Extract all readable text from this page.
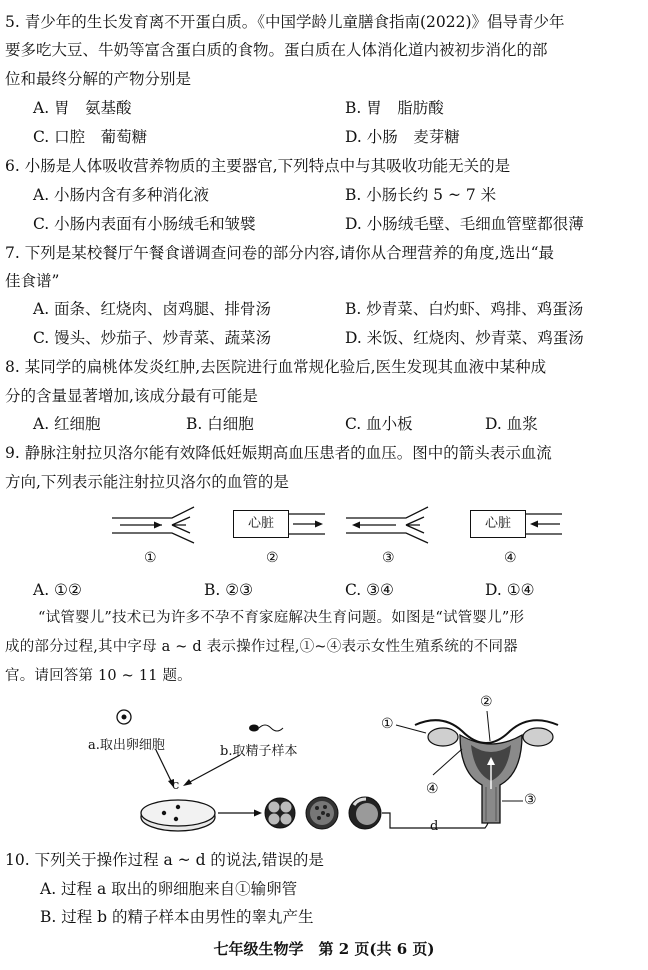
5. 青少年的生长发育离不开蛋白质。《中国学龄儿童膳食指南(2022)》倡导青少年
要多吃大豆、牛奶等富含蛋白质的食物。蛋白质在人体消化道内被初步消化的部
位和最终分解的产物分别是
A. 胃　氨基酸	B. 胃　脂肪酸
C. 口腔　葡萄糖	D. 小肠　麦芽糖
6. 小肠是人体吸收营养物质的主要器官,下列特点中与其吸收功能无关的是
A. 小肠内含有多种消化液	B. 小肠长约 5 ~ 7 米
C. 小肠内表面有小肠绒毛和皱襞	D. 小肠绒毛壁、毛细血管壁都很薄
7. 下列是某校餐厅午餐食谱调查问卷的部分内容,请你从合理营养的角度,选出“最
佳食谱”
A. 面条、红烧肉、卤鸡腿、排骨汤	B. 炒青菜、白灼虾、鸡排、鸡蛋汤
C. 馒头、炒茄子、炒青菜、蔬菜汤	D. 米饭、红烧肉、炒青菜、鸡蛋汤
8. 某同学的扁桃体发炎红肿,去医院进行血常规化验后,医生发现其血液中某种成
分的含量显著增加,该成分最有可能是
A. 红细胞	B. 白细胞	C. 血小板	D. 血浆
9. 静脉注射拉贝洛尔能有效降低妊娠期高血压患者的血压。图中的箭头表示血流
方向,下列表示能注射拉贝洛尔的血管的是
①
心脏
②	③
心脏
④
A. ①②	B. ②③	C. ③④	D. ①④
“试管婴儿”技术已为许多不孕不育家庭解决生育问题。如图是“试管婴儿”形
成的部分过程,其中字母 a ~ d 表示操作过程,①~④表示女性生殖系统的不同器
官。请回答第 10 ~ 11 题。
a.取出卵细胞	b.取精子样本
c
d
①
②
③
④
10. 下列关于操作过程 a ~ d 的说法,错误的是
A. 过程 a 取出的卵细胞来自①输卵管
B. 过程 b 的精子样本由男性的睾丸产生
七年级生物学　第 2 页(共 6 页)
